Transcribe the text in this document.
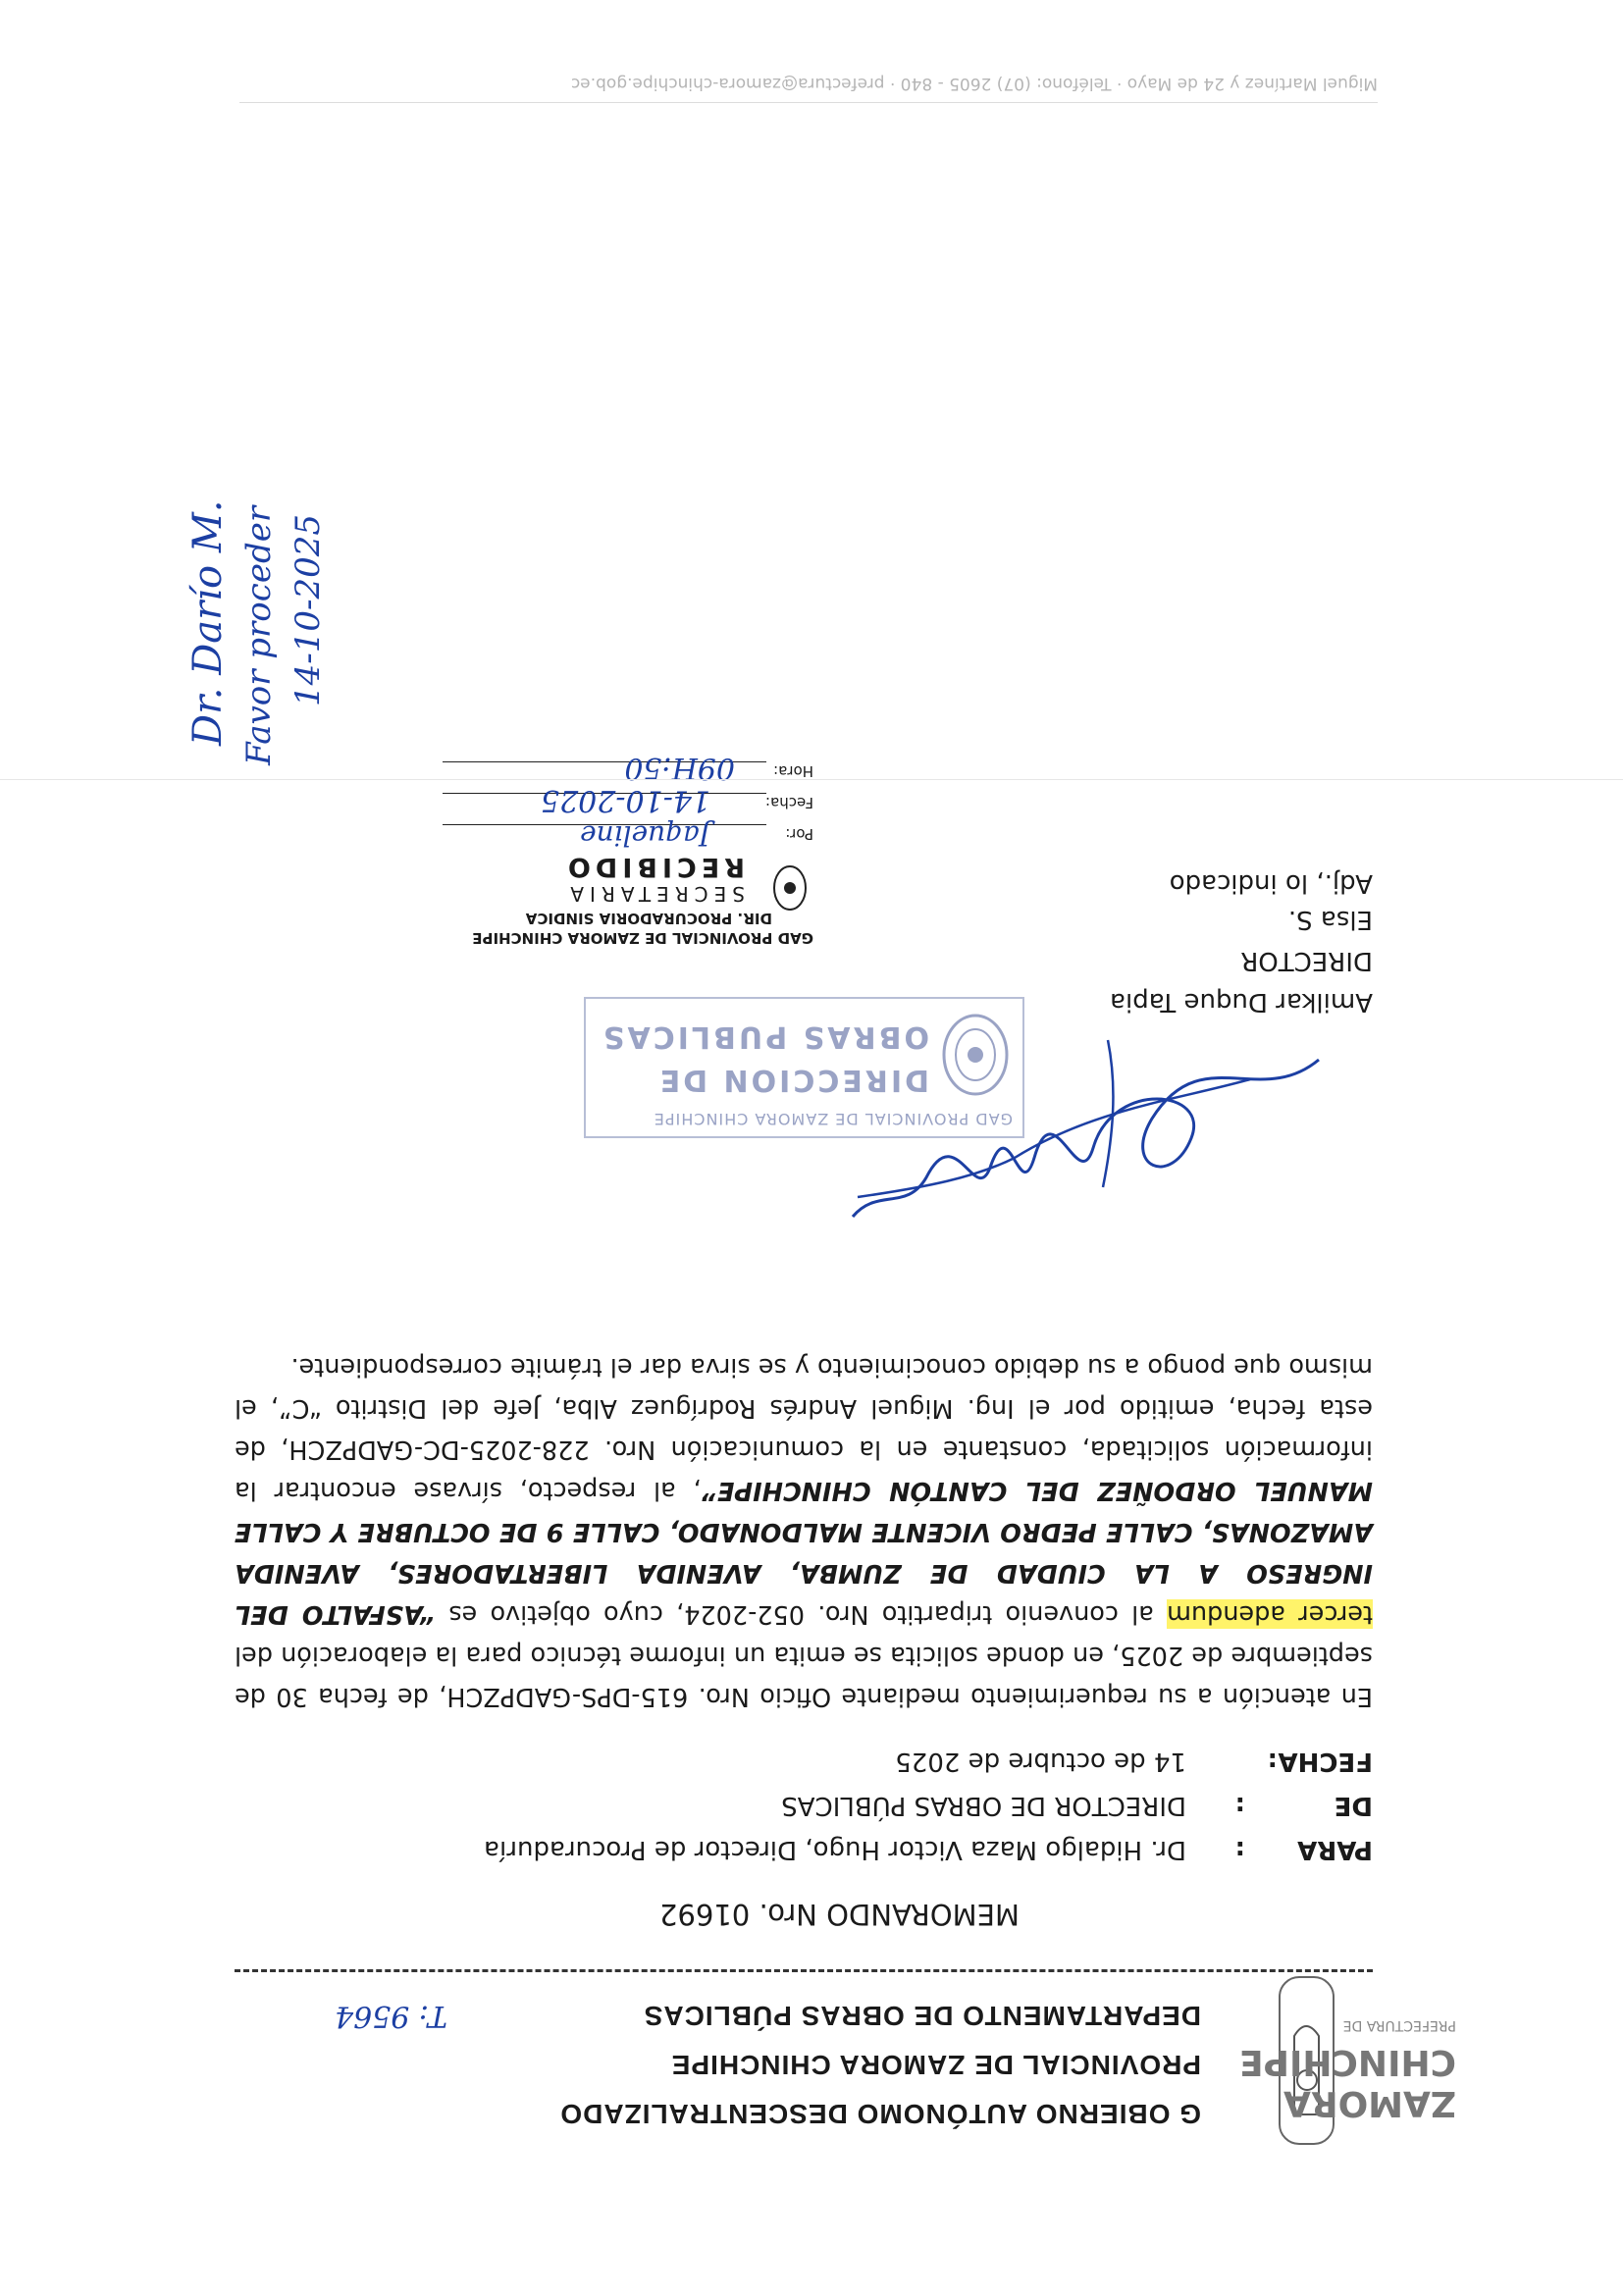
ZAMORA
CHINCHIPE
PREFECTURA DE
G OBIERNO AUTÓNOMO DESCENTRALIZADO
PROVINCIAL DE ZAMORA CHINCHIPE
DEPARTAMENTO DE OBRAS PÚBLICAS
T: 9564
MEMORANDO Nro. 01692
PARA
:
Dr. Hidalgo Maza Victor Hugo, Director de Procuraduría
DE
:
DIRECTOR DE OBRAS PÚBLICAS
FECHA:
14 de octubre de 2025
En atención a su requerimiento mediante Oficio Nro. 615-DPS-GADPZCH, de fecha 30 de septiembre de 2025, en donde solicita se emita un informe técnico para la elaboración del tercer adendum al convenio tripartito Nro. 052-2024, cuyo objetivo es “ASFALTO DEL INGRESO A LA CIUDAD DE ZUMBA, AVENIDA LIBERTADORES, AVENIDA AMAZONAS, CALLE PEDRO VICENTE MALDONADO, CALLE 9 DE OCTUBRE Y CALLE MANUEL ORDOÑEZ DEL CANTÓN CHINCHIPE”, al respecto, sírvase encontrar la información solicitada, constante en la comunicación Nro. 228-2025-DC-GADPZCH, de esta fecha, emitido por el Ing. Miguel Andrés Rodríguez Alba, Jefe del Distrito “C”, el mismo que pongo a su debido conocimiento y se sirva dar el trámite correspondiente.
GAD PROVINCIAL DE ZAMORA CHINCHIPE
DIRECCION DE
OBRAS PUBLICAS
Amilkar Duque Tapia
DIRECTOR
Elsa S.
Adj., lo indicado
GAD PROVINCIAL DE ZAMORA CHINCHIPE
DIR. PROCURADORIA SINDICA
SECRETARIA
RECIBIDO
Por:
Jaqueline
Fecha:
14-10-2025
Hora:
09H:50
Dr. Darío M. Favor proceder 14-10-2025
Miguel Martínez y 24 de Mayo · Teléfono: (07) 2605 - 840 · prefectura@zamora-chinchipe.gob.ec
